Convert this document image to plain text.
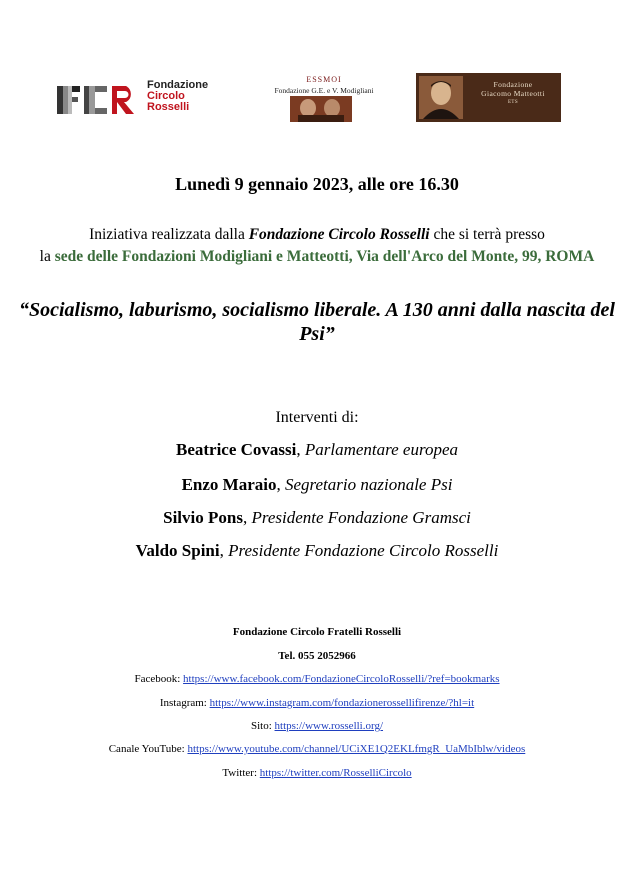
Fondazione
Circolo
Rosselli
ESSMOI
Fondazione G.E. e V. Modigliani
Fondazione
Giacomo Matteotti
ETS
Lunedì 9 gennaio 2023, alle ore 16.30
Iniziativa realizzata dalla Fondazione Circolo Rosselli che si terrà presso
la sede delle Fondazioni Modigliani e Matteotti, Via dell'Arco del Monte, 99, ROMA
“Socialismo, laburismo, socialismo liberale. A 130 anni dalla nascita del Psi”
Interventi di:
Beatrice Covassi, Parlamentare europea
Enzo Maraio, Segretario nazionale Psi
Silvio Pons, Presidente Fondazione Gramsci
Valdo Spini, Presidente Fondazione Circolo Rosselli
Fondazione Circolo Fratelli Rosselli
Tel. 055 2052966
Facebook: https://www.facebook.com/FondazioneCircoloRosselli/?ref=bookmarks
Instagram: https://www.instagram.com/fondazionerossellifirenze/?hl=it
Sito: https://www.rosselli.org/
Canale YouTube: https://www.youtube.com/channel/UCiXE1Q2EKLfmgR_UaMbIblw/videos
Twitter: https://twitter.com/RosselliCircolo
